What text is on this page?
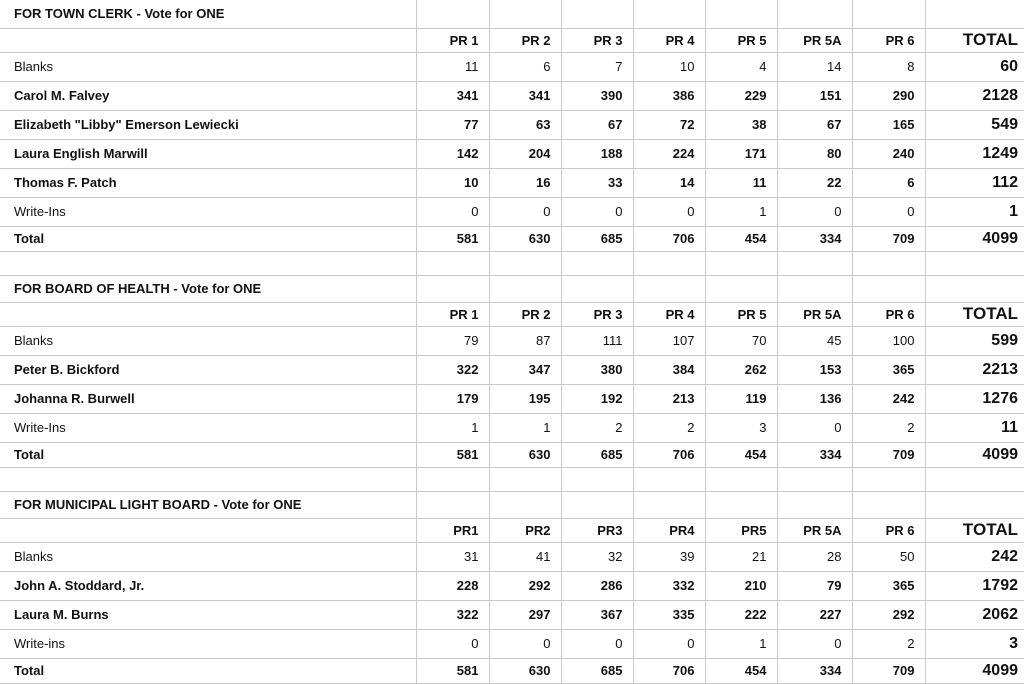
FOR TOWN CLERK - Vote for ONE								
	PR 1	PR 2	PR 3	PR 4	PR 5	PR 5A	PR 6	TOTAL
Blanks	11	6	7	10	4	14	8	60
Carol M. Falvey	341	341	390	386	229	151	290	2128
Elizabeth "Libby" Emerson Lewiecki	77	63	67	72	38	67	165	549
Laura English Marwill	142	204	188	224	171	80	240	1249
Thomas F. Patch	10	16	33	14	11	22	6	112
Write-Ins	0	0	0	0	1	0	0	1
Total	581	630	685	706	454	334	709	4099

FOR BOARD OF HEALTH - Vote for ONE								
	PR 1	PR 2	PR 3	PR 4	PR 5	PR 5A	PR 6	TOTAL
Blanks	79	87	111	107	70	45	100	599
Peter B. Bickford	322	347	380	384	262	153	365	2213
Johanna R. Burwell	179	195	192	213	119	136	242	1276
Write-Ins	1	1	2	2	3	0	2	11
Total	581	630	685	706	454	334	709	4099

FOR MUNICIPAL LIGHT BOARD - Vote for ONE								
	PR1	PR2	PR3	PR4	PR5	PR 5A	PR 6	TOTAL
Blanks	31	41	32	39	21	28	50	242
John A. Stoddard, Jr.	228	292	286	332	210	79	365	1792
Laura M. Burns	322	297	367	335	222	227	292	2062
Write-ins	0	0	0	0	1	0	2	3
Total	581	630	685	706	454	334	709	4099
